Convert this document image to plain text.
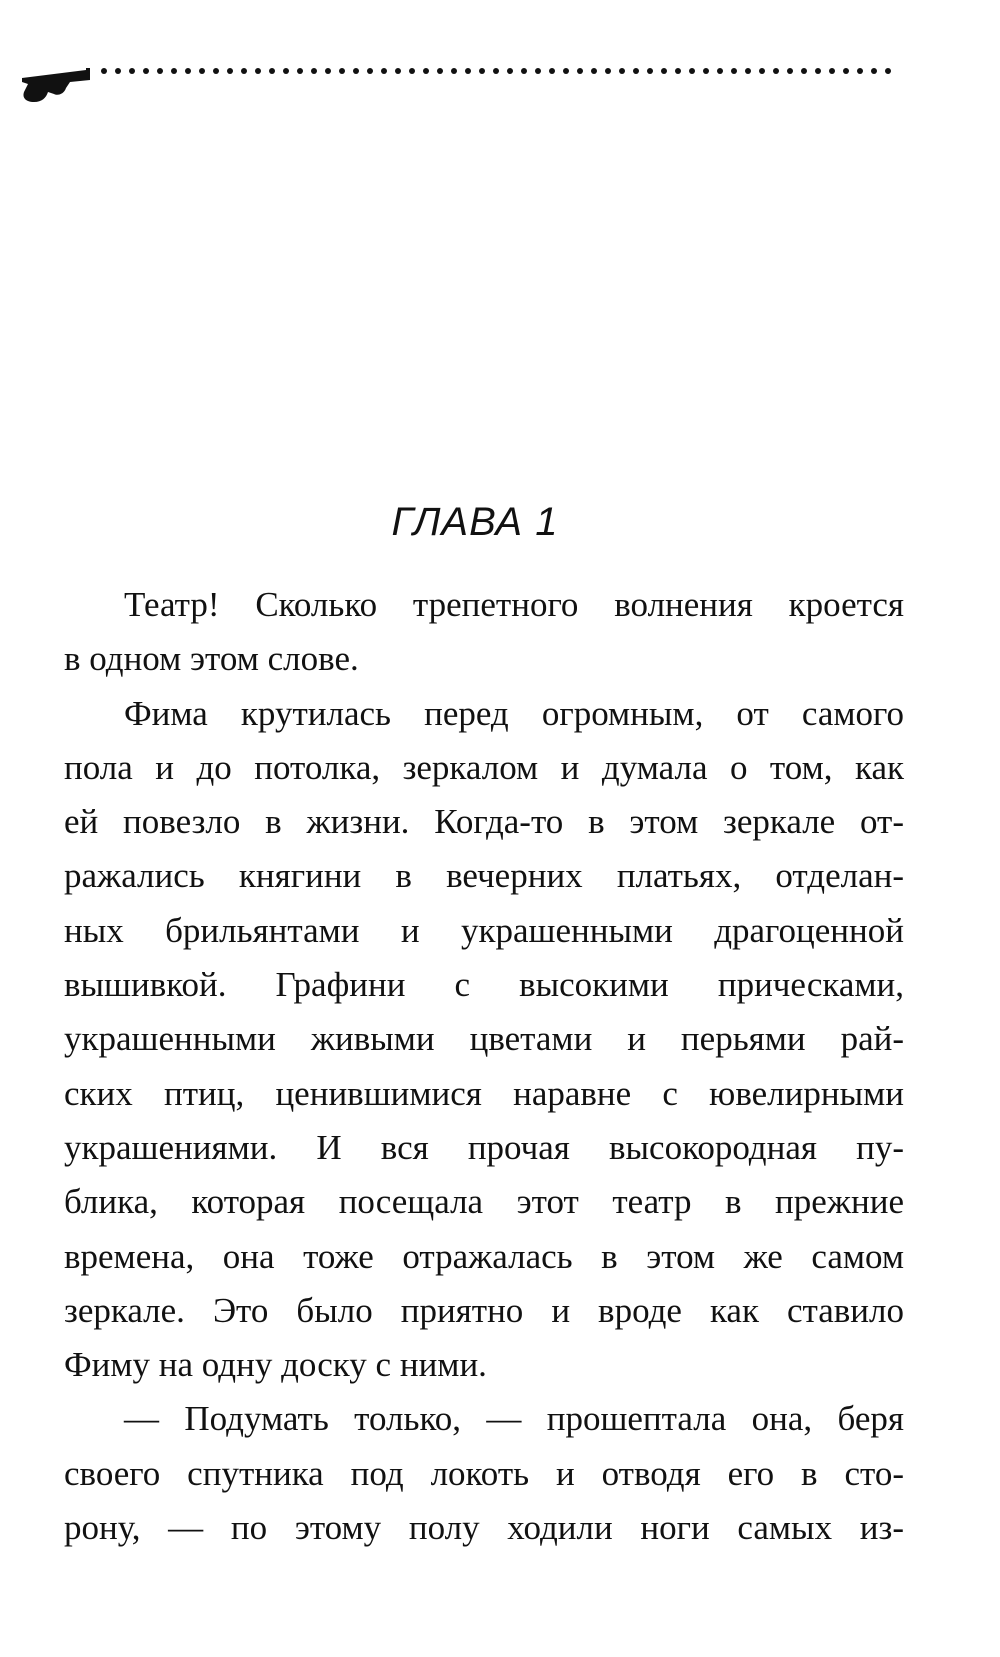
ГЛАВА 1
Театр! Сколько трепетного волнения кроется
в одном этом слове.
Фима крутилась перед огромным, от самого
пола и до потолка, зеркалом и думала о том, как
ей повезло в жизни. Когда-то в этом зеркале от-
ражались княгини в вечерних платьях, отделан-
ных брильянтами и украшенными драгоценной
вышивкой. Графини с высокими прическами,
украшенными живыми цветами и перьями рай-
ских птиц, ценившимися наравне с ювелирными
украшениями. И вся прочая высокородная пу-
блика, которая посещала этот театр в прежние
времена, она тоже отражалась в этом же самом
зеркале. Это было приятно и вроде как ставило
Фиму на одну доску с ними.
— Подумать только, — прошептала она, беря
своего спутника под локоть и отводя его в сто-
рону, — по этому полу ходили ноги самых из-
